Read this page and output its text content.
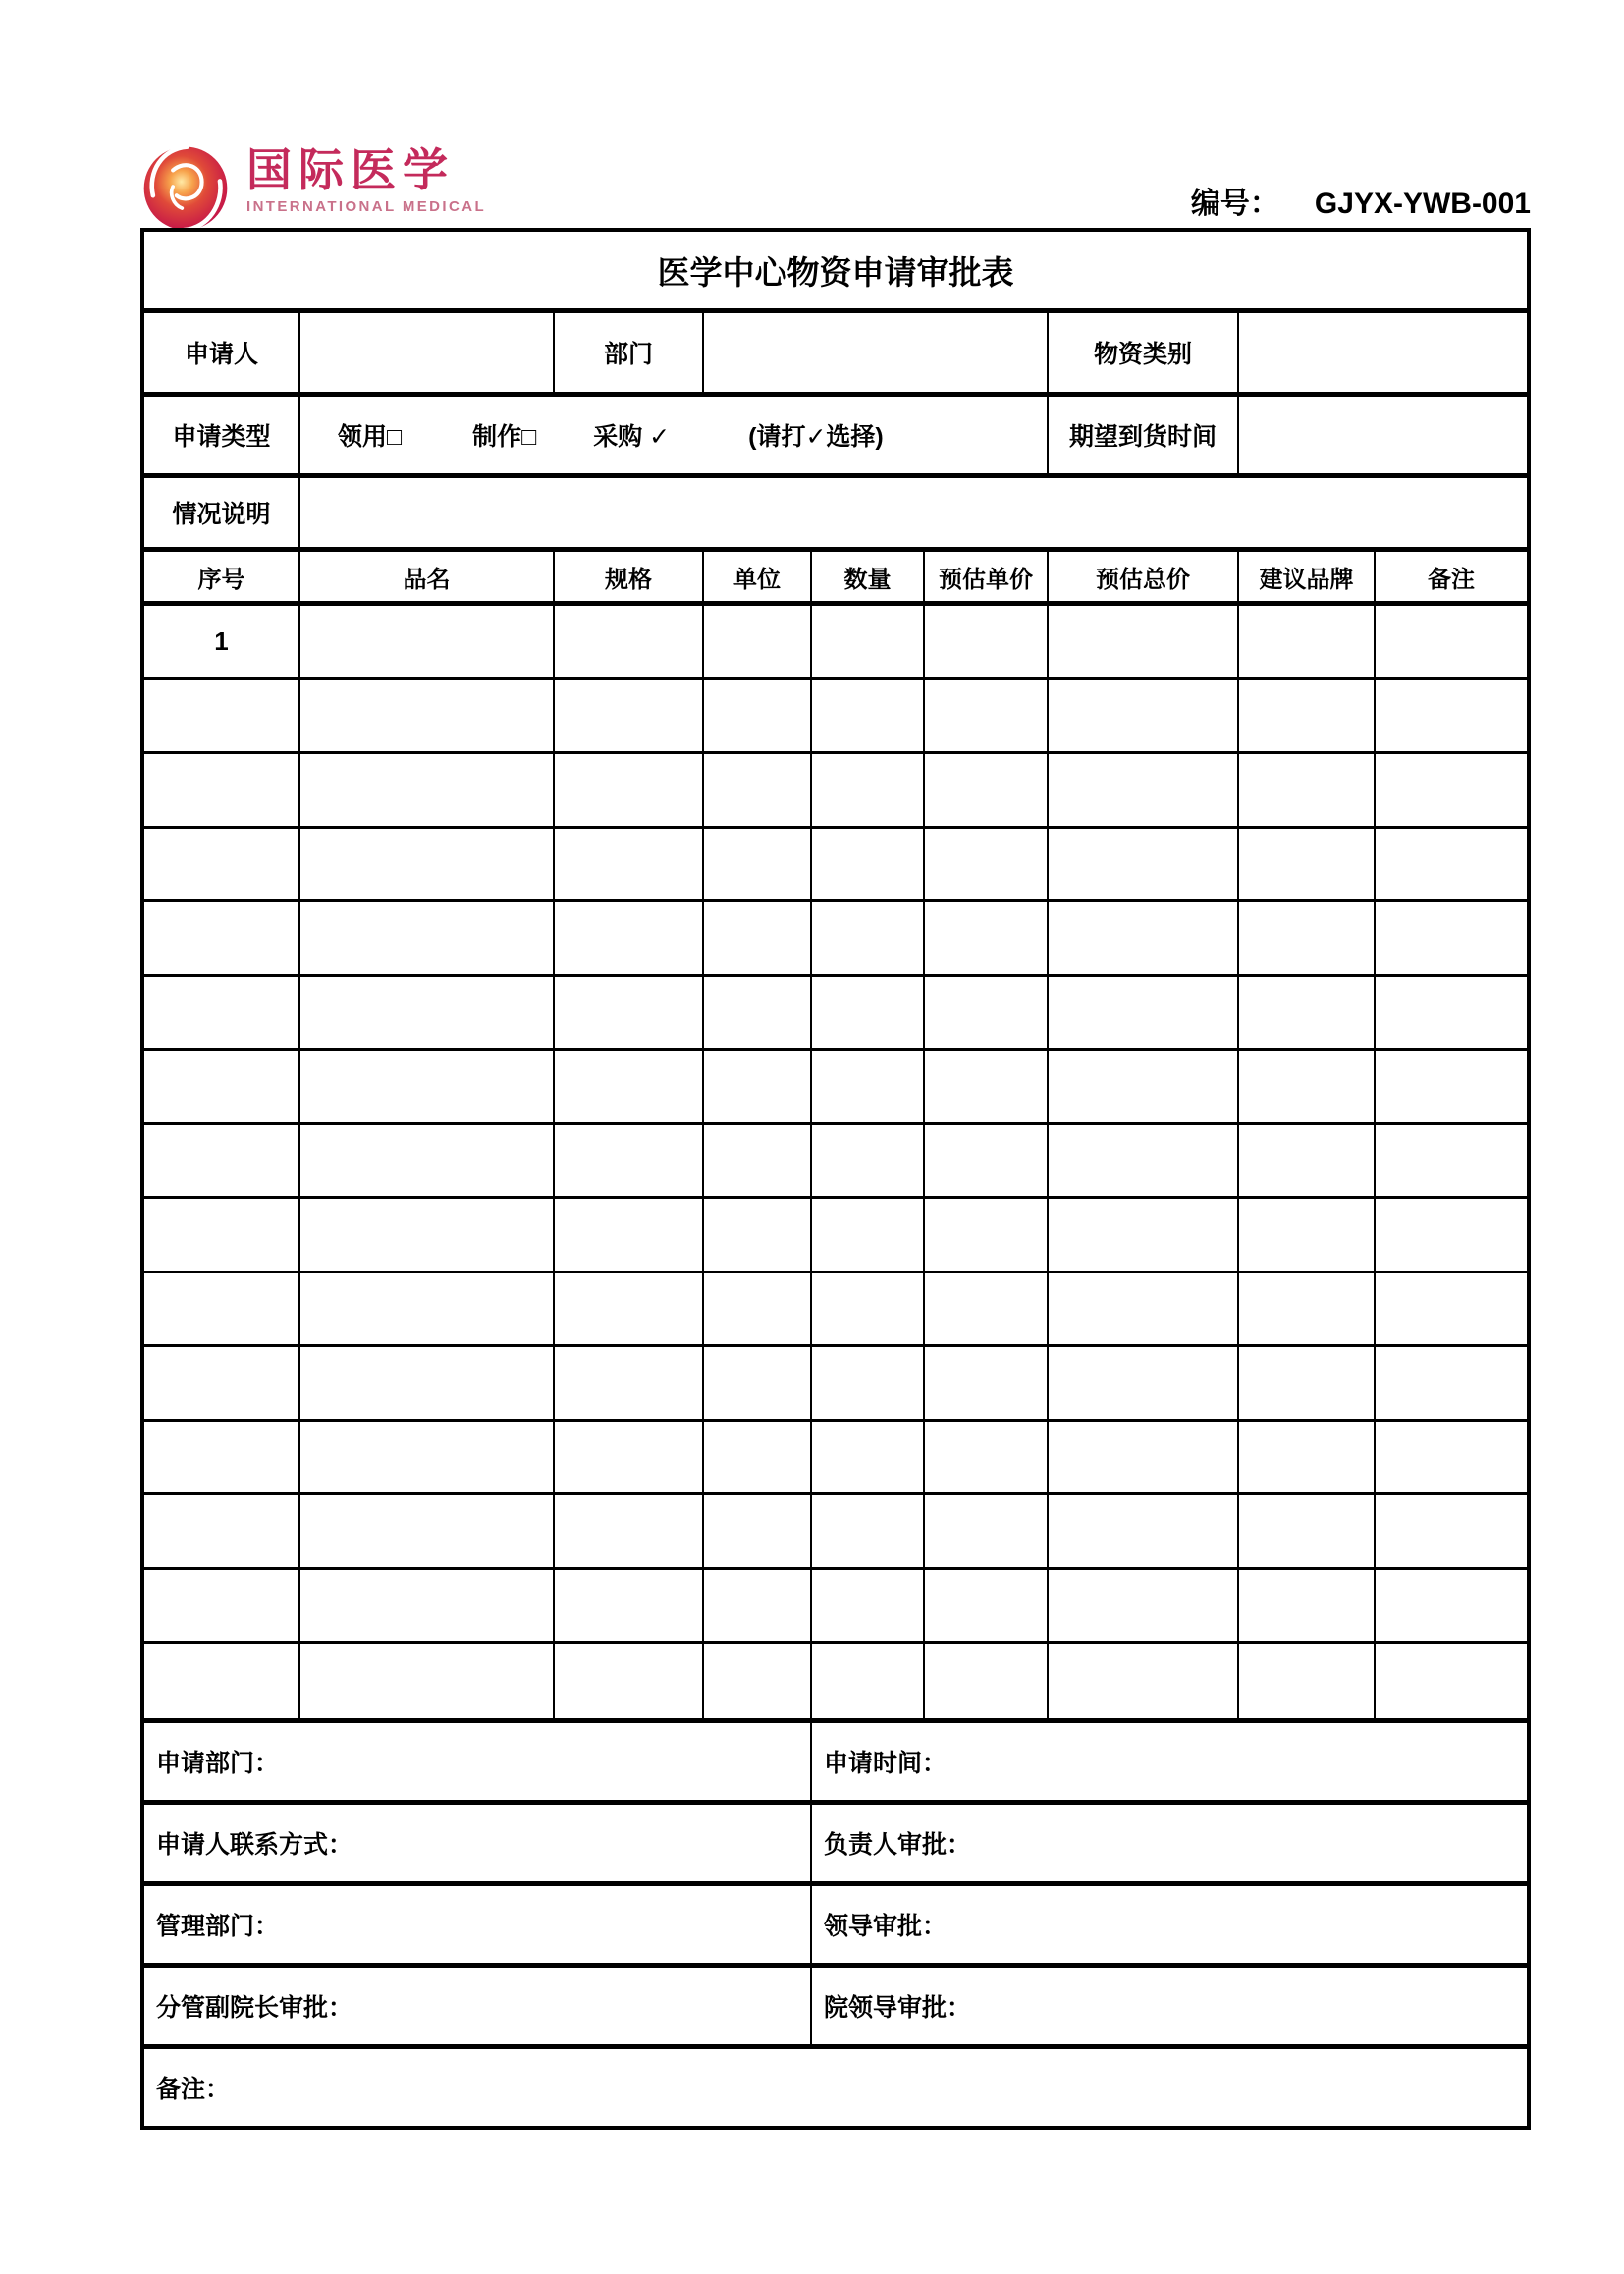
国际医学
INTERNATIONAL MEDICAL	编号： GJYX-YWB-001
医学中心物资申请审批表
申请人	部门	物资类别
申请类型	领用□	制作□ 采购 ✓	(请打✓选择)	期望到货时间
情况说明
序号	品名	规格	单位	数量	预估单价	预估总价	建议品牌	备注
1
申请部门：	申请时间：
申请人联系方式：	负责人审批：
管理部门：	领导审批：
分管副院长审批：	院领导审批：
备注：
